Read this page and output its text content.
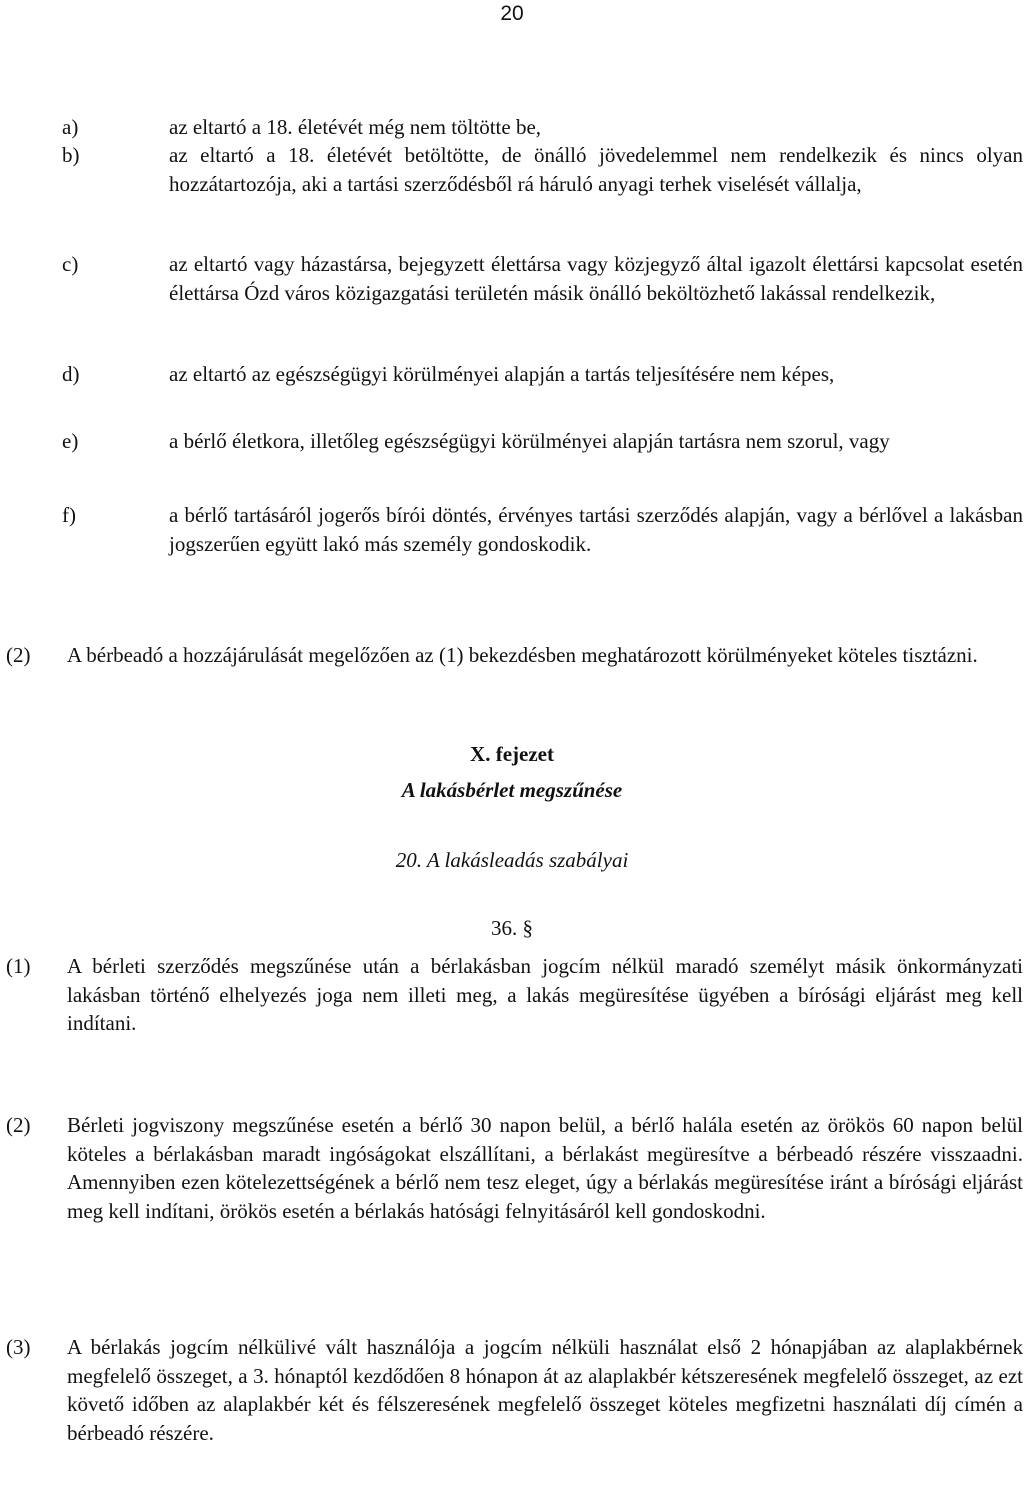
20
a)	az eltartó a 18. életévét még nem töltötte be,

b)	az eltartó a 18. életévét betöltötte, de önálló jövedelemmel nem rendelkezik és nincs olyan hozzátartozója, aki a tartási szerződésből rá háruló anyagi terhek viselését vállalja,

c)	az eltartó vagy házastársa, bejegyzett élettársa vagy közjegyző által igazolt élettársi kapcsolat esetén élettársa Ózd város közigazgatási területén másik önálló beköltözhető lakással rendelkezik,

d)	az eltartó az egészségügyi körülményei alapján a tartás teljesítésére nem képes,

e)	a bérlő életkora, illetőleg egészségügyi körülményei alapján tartásra nem szorul, vagy

f)	a bérlő tartásáról jogerős bírói döntés, érvényes tartási szerződés alapján, vagy a bérlővel a lakásban jogszerűen együtt lakó más személy gondoskodik.

(2) A bérbeadó a hozzájárulását megelőzően az (1) bekezdésben meghatározott körülményeket köteles tisztázni.

X. fejezet
A lakásbérlet megszűnése
20. A lakásleadás szabályai
36. §
(1) A bérleti szerződés megszűnése után a bérlakásban jogcím nélkül maradó személyt másik önkormányzati lakásban történő elhelyezés joga nem illeti meg, a lakás megüresítése ügyében a bírósági eljárást meg kell indítani.

(2) Bérleti jogviszony megszűnése esetén a bérlő 30 napon belül, a bérlő halála esetén az örökös 60 napon belül köteles a bérlakásban maradt ingóságokat elszállítani, a bérlakást megüresítve a bérbeadó részére visszaadni. Amennyiben ezen kötelezettségének a bérlő nem tesz eleget, úgy a bérlakás megüresítése iránt a bírósági eljárást meg kell indítani, örökös esetén a bérlakás hatósági felnyitásáról kell gondoskodni.

(3) A bérlakás jogcím nélkülivé vált használója a jogcím nélküli használat első 2 hónapjában az alaplakbérnek megfelelő összeget, a 3. hónaptól kezdődően 8 hónapon át az alaplakbér kétszeresének megfelelő összeget, az ezt követő időben az alaplakbér két és félszeresének megfelelő összeget köteles megfizetni használati díj címén a bérbeadó részére.
